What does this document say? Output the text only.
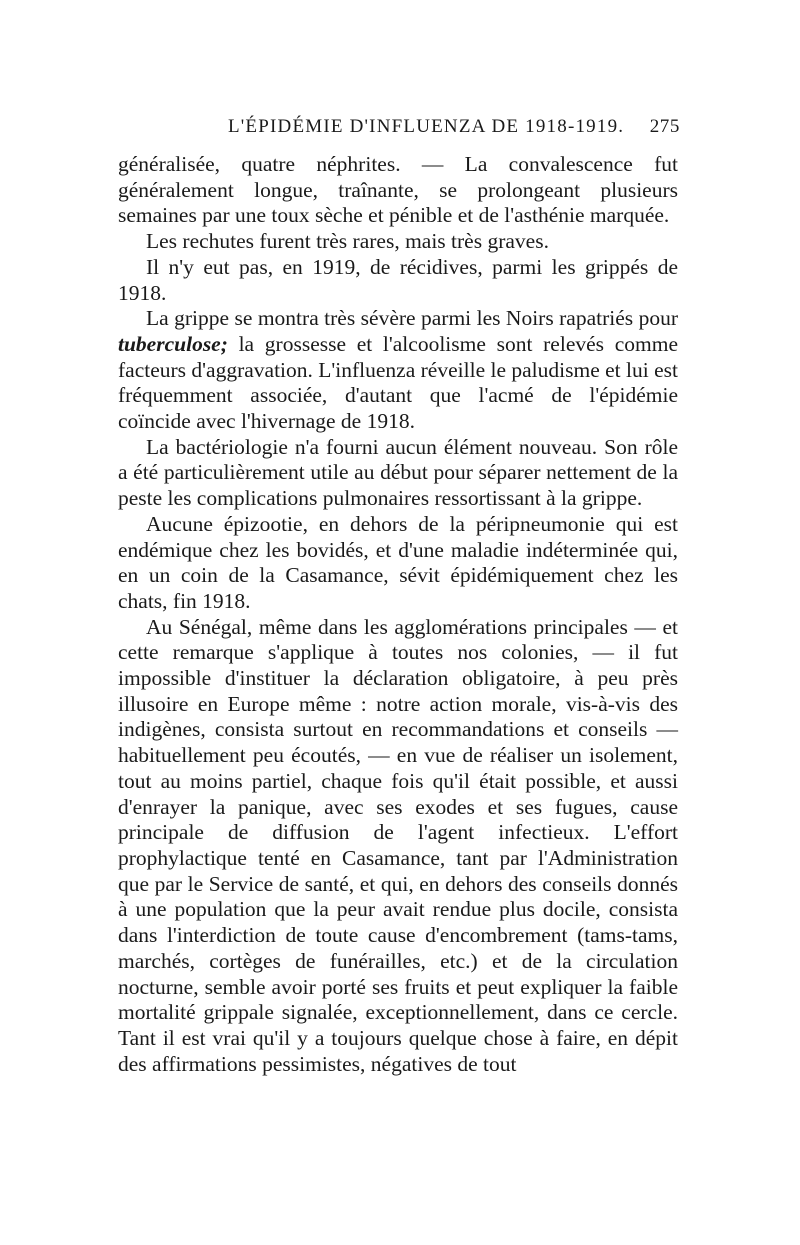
L'ÉPIDÉMIE D'INFLUENZA DE 1918-1919. 275

généralisée, quatre néphrites. — La convalescence fut généralement longue, traînante, se prolongeant plusieurs semaines par une toux sèche et pénible et de l'asthénie marquée.

Les rechutes furent très rares, mais très graves.

Il n'y eut pas, en 1919, de récidives, parmi les grippés de 1918.

La grippe se montra très sévère parmi les Noirs rapatriés pour tuberculose; la grossesse et l'alcoolisme sont relevés comme facteurs d'aggravation. L'influenza réveille le paludisme et lui est fréquemment associée, d'autant que l'acmé de l'épidémie coïncide avec l'hivernage de 1918.

La bactériologie n'a fourni aucun élément nouveau. Son rôle a été particulièrement utile au début pour séparer nettement de la peste les complications pulmonaires ressortissant à la grippe.

Aucune épizootie, en dehors de la péripneumonie qui est endémique chez les bovidés, et d'une maladie indéterminée qui, en un coin de la Casamance, sévit épidémiquement chez les chats, fin 1918.

Au Sénégal, même dans les agglomérations principales — et cette remarque s'applique à toutes nos colonies, — il fut impossible d'instituer la déclaration obligatoire, à peu près illusoire en Europe même : notre action morale, vis-à-vis des indigènes, consista surtout en recommandations et conseils — habituellement peu écoutés, — en vue de réaliser un isolement, tout au moins partiel, chaque fois qu'il était possible, et aussi d'enrayer la panique, avec ses exodes et ses fugues, cause principale de diffusion de l'agent infectieux. L'effort prophylactique tenté en Casamance, tant par l'Administration que par le Service de santé, et qui, en dehors des conseils donnés à une population que la peur avait rendue plus docile, consista dans l'interdiction de toute cause d'encombrement (tams-tams, marchés, cortèges de funérailles, etc.) et de la circulation nocturne, semble avoir porté ses fruits et peut expliquer la faible mortalité grippale signalée, exceptionnellement, dans ce cercle. Tant il est vrai qu'il y a toujours quelque chose à faire, en dépit des affirmations pessimistes, négatives de tout
